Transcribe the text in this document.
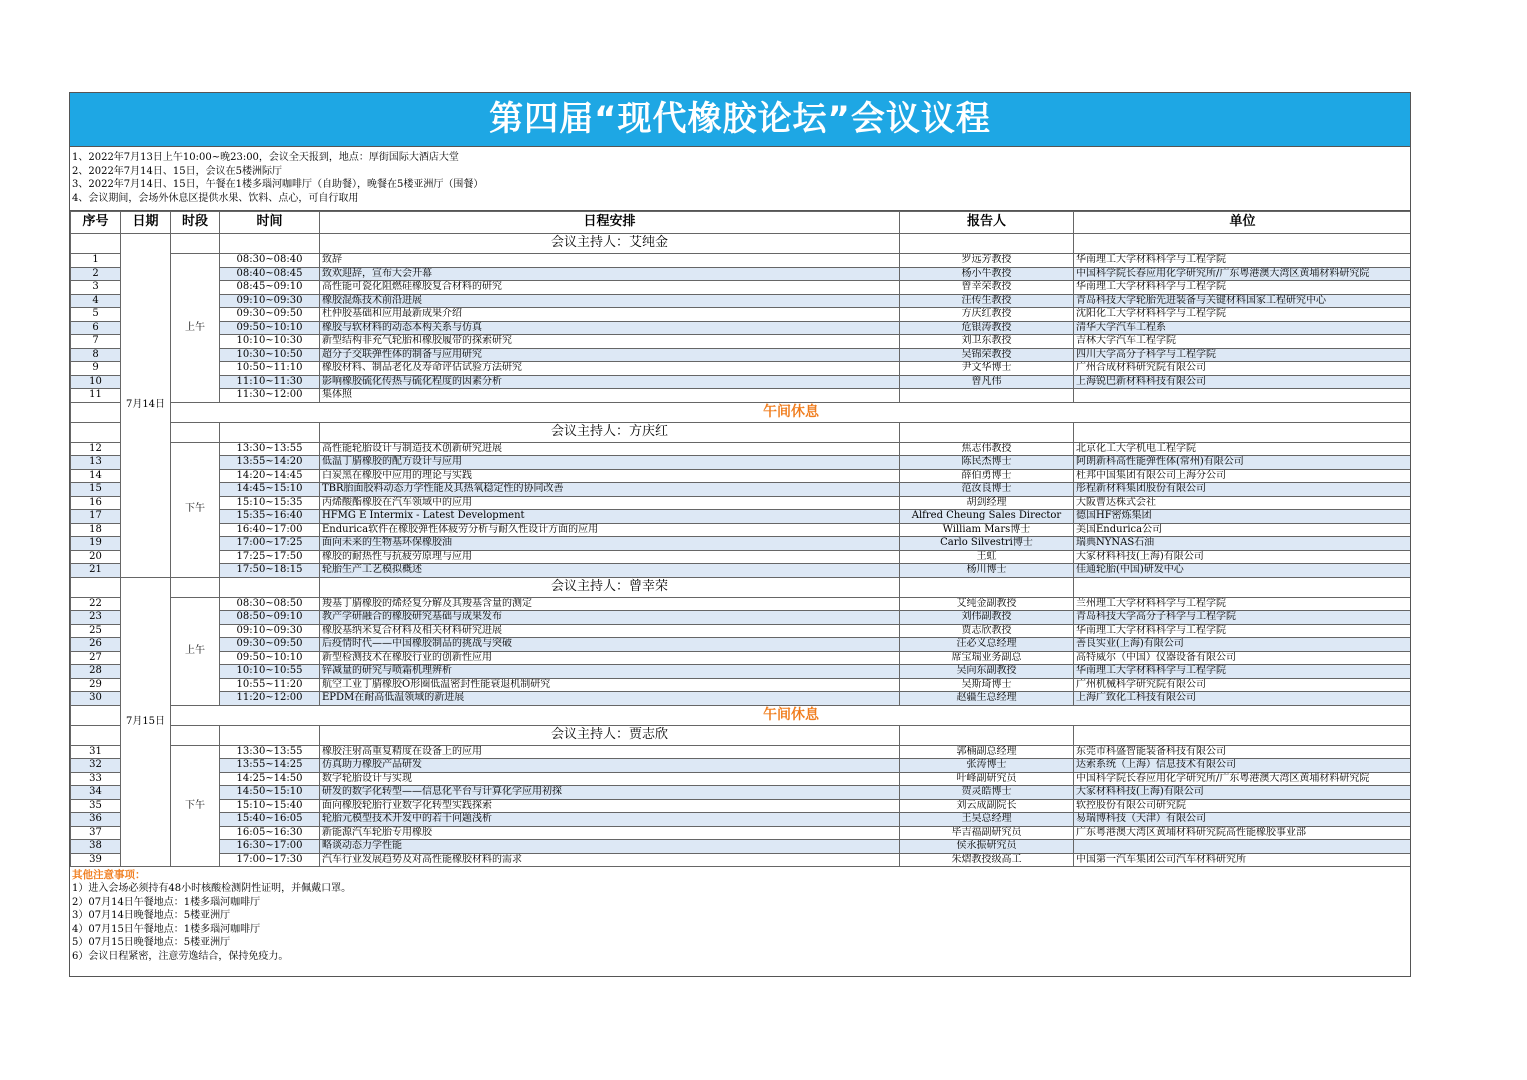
第四届“现代橡胶论坛”会议议程
1、2022年7月13日上午10:00~晚23:00，会议全天报到，地点：厚街国际大酒店大堂
2、2022年7月14日、15日，会议在5楼洲际厅
3、2022年7月14日、15日，午餐在1楼多瑙河咖啡厅（自助餐），晚餐在5楼亚洲厅（围餐）
4、会议期间，会场外休息区提供水果、饮料、点心，可自行取用
序号	日期	时段	时间	日程安排	报告人	单位
	7月14日			会议主持人：艾纯金		
1		上午	08:30~08:40	致辞	罗远芳教授	华南理工大学材料科学与工程学院
2			08:40~08:45	致欢迎辞，宣布大会开幕	杨小牛教授	中国科学院长春应用化学研究所/广东粤港澳大湾区黄埔材料研究院
3			08:45~09:10	高性能可瓷化阻燃硅橡胶复合材料的研究	曾幸荣教授	华南理工大学材料科学与工程学院
4			09:10~09:30	橡胶混炼技术前沿进展	汪传生教授	青岛科技大学轮胎先进装备与关键材料国家工程研究中心
5			09:30~09:50	杜仲胶基础和应用最新成果介绍	方庆红教授	沈阳化工大学材料科学与工程学院
6			09:50~10:10	橡胶与软材料的动态本构关系与仿真	危银涛教授	清华大学汽车工程系
7			10:10~10:30	新型结构非充气轮胎和橡胶履带的探索研究	刘卫东教授	吉林大学汽车工程学院
8			10:30~10:50	超分子交联弹性体的制备与应用研究	吴锦荣教授	四川大学高分子科学与工程学院
9			10:50~11:10	橡胶材料、制品老化及寿命评估试验方法研究	尹文华博士	广州合成材料研究院有限公司
10			11:10~11:30	影响橡胶硫化传热与硫化程度的因素分析	曾凡伟	上海锐巴新材料科技有限公司
11			11:30~12:00	集体照		
		午间休息				
				会议主持人：方庆红		
12		下午	13:30~13:55	高性能轮胎设计与制造技术创新研究进展	焦志伟教授	北京化工大学机电工程学院
13			13:55~14:20	低温丁腈橡胶的配方设计与应用	陈民杰博士	阿朗新科高性能弹性体(常州)有限公司
14			14:20~14:45	白炭黑在橡胶中应用的理论与实践	薛伯勇博士	杜邦中国集团有限公司上海分公司
15			14:45~15:10	TBR胎面胶料动态力学性能及其热氧稳定性的协同改善	范汝良博士	彤程新材料集团股份有限公司
16			15:10~15:35	丙烯酸酯橡胶在汽车领域中的应用	胡剑经理	大阪曹达株式会社
17			15:35~16:40	HFMG E Intermix - Latest Development	Alfred Cheung Sales Director	德国HF密炼集团
18			16:40~17:00	Endurica软件在橡胶弹性体疲劳分析与耐久性设计方面的应用	William Mars博士	美国Endurica公司
19			17:00~17:25	面向未来的生物基环保橡胶油	Carlo Silvestri博士	瑞典NYNAS石油
20			17:25~17:50	橡胶的耐热性与抗疲劳原理与应用	王虹	大家材料科技(上海)有限公司
21			17:50~18:15	轮胎生产工艺模拟概述	杨川博士	佳通轮胎(中国)研发中心
	7月15日			会议主持人：曾幸荣		
22		上午	08:30~08:50	羧基丁腈橡胶的烯烃复分解及其羧基含量的测定	艾纯金副教授	兰州理工大学材料科学与工程学院
23			08:50~09:10	教产学研融合的橡胶研究基础与成果发布	刘伟副教授	青岛科技大学高分子科学与工程学院
25			09:10~09:30	橡胶基纳米复合材料及相关材料研究进展	贾志欣教授	华南理工大学材料科学与工程学院
26			09:30~09:50	后疫情时代——中国橡胶制品的挑战与突破	汪必义总经理	善良实业(上海)有限公司
27			09:50~10:10	新型检测技术在橡胶行业的创新性应用	席宝瑞业务副总	高特威尔（中国）仪器设备有限公司
28			10:10~10:55	锌减量的研究与喷霜机理辨析	吴向东副教授	华南理工大学材料科学与工程学院
29			10:55~11:20	航空工业丁腈橡胶O形圈低温密封性能衰退机制研究	吴斯琦博士	广州机械科学研究院有限公司
30			11:20~12:00	EPDM在耐高低温领域的新进展	赵疆生总经理	上海广致化工科技有限公司
		午间休息				
				会议主持人：贾志欣		
31		下午	13:30~13:55	橡胶注射高重复精度在设备上的应用	郭楠副总经理	东莞市科盛智能装备科技有限公司
32			13:55~14:25	仿真助力橡胶产品研发	张涛博士	达索系统（上海）信息技术有限公司
33			14:25~14:50	数字轮胎设计与实现	叶峰副研究员	中国科学院长春应用化学研究所/广东粤港澳大湾区黄埔材料研究院
34			14:50~15:10	研发的数字化转型——信息化平台与计算化学应用初探	贺灵皓博士	大家材料科技(上海)有限公司
35			15:10~15:40	面向橡胶轮胎行业数字化转型实践探索	刘云成副院长	软控股份有限公司研究院
36			15:40~16:05	轮胎元模型技术开发中的若干问题浅析	王昊总经理	易瑞博科技（天津）有限公司
37			16:05~16:30	新能源汽车轮胎专用橡胶	毕吉福副研究员	广东粤港澳大湾区黄埔材料研究院高性能橡胶事业部
38			16:30~17:00	略谈动态力学性能	侯永振研究员	
39			17:00~17:30	汽车行业发展趋势及对高性能橡胶材料的需求	朱熠教授级高工	中国第一汽车集团公司汽车材料研究所
其他注意事项：
1）进入会场必须持有48小时核酸检测阴性证明，并佩戴口罩。
2）07月14日午餐地点：1楼多瑙河咖啡厅
3）07月14日晚餐地点：5楼亚洲厅
4）07月15日午餐地点：1楼多瑙河咖啡厅
5）07月15日晚餐地点：5楼亚洲厅
6）会议日程紧密，注意劳逸结合，保持免疫力。
